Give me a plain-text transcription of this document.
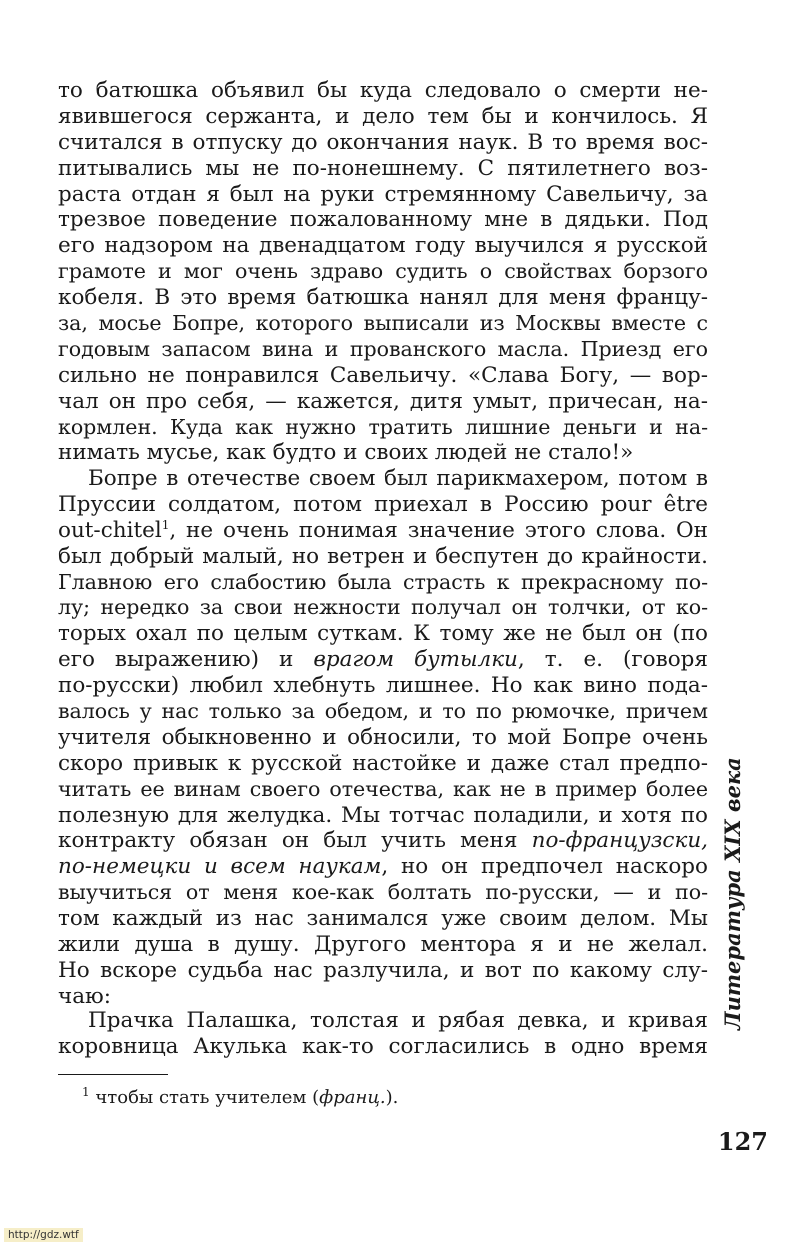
то батюшка объявил бы куда следовало о смерти не-
явившегося сержанта, и дело тем бы и кончилось. Я
считался в отпуску до окончания наук. В то время вос-
питывались мы не по-нонешнему. С пятилетнего воз-
раста отдан я был на руки стремянному Савельичу, за
трезвое поведение пожалованному мне в дядьки. Под
его надзором на двенадцатом году выучился я русской
грамоте и мог очень здраво судить о свойствах борзого
кобеля. В это время батюшка нанял для меня францу-
за, мосье Бопре, которого выписали из Москвы вместе с
годовым запасом вина и прованского масла. Приезд его
сильно не понравился Савельичу. «Слава Богу, — вор-
чал он про себя, — кажется, дитя умыт, причесан, на-
кормлен. Куда как нужно тратить лишние деньги и на-
нимать мусье, как будто и своих людей не стало!»
Бопре в отечестве своем был парикмахером, потом в
Пруссии солдатом, потом приехал в Россию pour être
out-chitel$^1$, не очень понимая значение этого слова. Он
был добрый малый, но ветрен и беспутен до крайности.
Главною его слабостию была страсть к прекрасному по-
лу; нередко за свои нежности получал он толчки, от ко-
торых охал по целым суткам. К тому же не был он (по
его выражению) и врагом бутылки, т. е. (говоря
по-русски) любил хлебнуть лишнее. Но как вино пода-
валось у нас только за обедом, и то по рюмочке, причем
учителя обыкновенно и обносили, то мой Бопре очень
скоро привык к русской настойке и даже стал предпо-
читать ее винам своего отечества, как не в пример более
полезную для желудка. Мы тотчас поладили, и хотя по
контракту обязан он был учить меня по-французски,
по-немецки и всем наукам, но он предпочел наскоро
выучиться от меня кое-как болтать по-русски, — и по-
том каждый из нас занимался уже своим делом. Мы
жили душа в душу. Другого ментора я и не желал.
Но вскоре судьба нас разлучила, и вот по какому слу-
чаю:
Прачка Палашка, толстая и рябая девка, и кривая
коровница Акулька как-то согласились в одно время
$^1$ чтобы стать учителем (франц.).
Литература XIX века
127
http://gdz.wtf
